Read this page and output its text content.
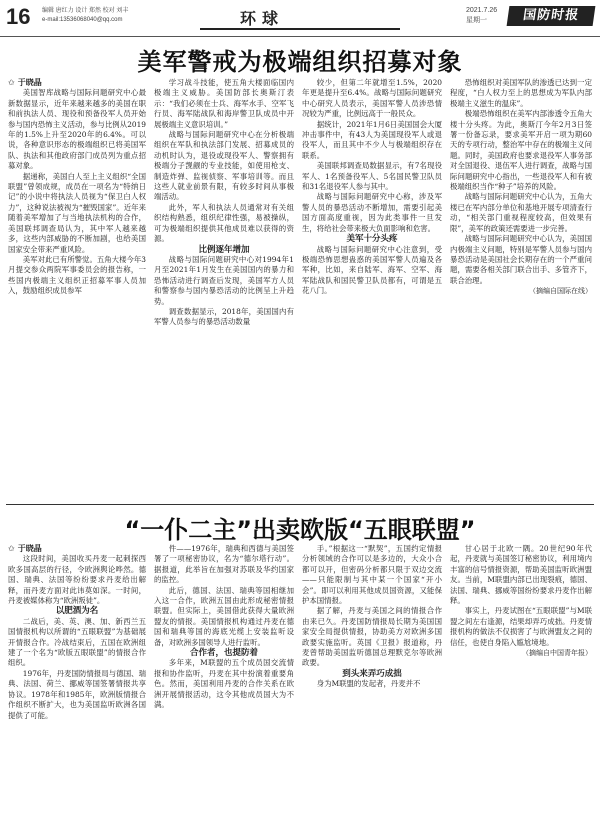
16 编辑 唐红力 设计 郑然 校对 刘丰
e-mail:13536068040@qq.com	环球	2021.7.26
星期一	国防时报
美军警戒为极端组织招募对象

✩ 于晓晶

美国智库战略与国际问题研究中心最新数据显示，近年来越来越多的美国在职和前执法人员、现役和预备役军人员开始参与国内恐怖主义活动，参与比例从2019年的1.5%上升至2020年的6.4%。可以说，各种意识形态的极端组织已将美国军队、执法和其他政府部门成员列为重点招募对象。

据递称，美国白人至上主义组织“全国联盟”曾领成规，成员在一项名为“特纳日记”的小说中将执法人员视为“保卫白人权力”，这种说法被视为“摧毁国家”。近年来随着美军增加了与当地执法机构的合作，美国联邦调查局认为，其中军人越来越多，这些内部威胁的不断加剧，也给美国国家安全带来严重风险。

美军对此已有所警觉。五角大楼今年3月提交参众两院军事委员会的报告称，一些国内极端主义组织正招募军事人员加入，鼓励组织成员参军

学习战斗技能，使五角大楼面临国内极端主义威胁。美国防部长奥斯汀表示：“我们必须在士兵、海军水手、空军飞行员、海军陆战队和海岸警卫队成员中开展极端主义意识培训。”

战略与国际问题研究中心在分析极端组织在军队和执法部门发展、招募成员的动机时认为，退役或现役军人、警察拥有极端分子觊觎的专业技能，如使用枪支、制造炸弹、监视侦察、军事培训等。而且这些人就业前景有限，有较多时间从事极端活动。

此外，军人和执法人员通常对有关组织结构熟悉，组织纪律性强，易被操纵，可为极端组织提供其他成员难以获得的资源。

比例逐年增加

战略与国际问题研究中心对1994年1月至2021年1月发生在美国国内的暴力和恐怖活动进行调查后发现，美国军方人员和警察参与国内暴恐活动的比例呈上升趋势。

调查数据显示，2018年，美国国内有军警人员参与的暴恐活动数量

较少，但第二年就增至1.5%，2020年更是提升至6.4%。战略与国际问题研究中心研究人员表示，美国军警人员涉恐情况较为严重，比例远高于一般民众。

据统计，2021年1月6日美国国会大厦冲击事件中，有43人为美国现役军人或退役军人，而且其中不少人与极端组织存在联系。

美国联邦调查局数据显示，有7名现役军人、1名预备役军人、5名国民警卫队员和31名退役军人参与其中。

战略与国际问题研究中心称，涉及军警人员的暴恐活动不断增加，需要引起美国方面高度重视，因为此类事件一旦发生，将给社会带来极大负面影响和危害。

美军十分头疼

战略与国际问题研究中心注意到，受极端恐怖思想蛊惑的美国军警人员遍及各军种，比如，来自陆军、海军、空军、海军陆战队和国民警卫队员都有，可谓是五花八门。

恐怖组织对美国军队的渗透已达到一定程度，“白人权力至上的思想成为军队内部极端主义滋生的温床”。

极端恐怖组织在美军内部渗透令五角大楼十分头疼。为此，奥斯汀今年2月3日签署一份备忘录，要求美军开启一项为期60天的专项行动，整治军中存在的极端主义问题。同时，美国政府也要求退役军人事务部对全国退役、退伍军人进行调查，战略与国际问题研究中心指出，一些退役军人和有被极端组织当作“种子”培养的风险。

战略与国际问题研究中心认为，五角大楼已在军内部分单位和基地开展专项清查行动，“相关部门重视程度较高，但效果有限”，美军的政策还需要进一步完善。

战略与国际问题研究中心认为，美国国内极端主义问题，特别是军警人员参与国内暴恐活动是美国社会长期存在的一个严重问题，需要各相关部门联合出手、多管齐下，联合治理。

（摘编自国际在线）

“一仆二主”出卖欧版“五眼联盟”

✩ 于晓晶

这段时间，美国收买丹麦一起刺探西欧多国高层的行径，令欧洲舆论哗然。德国、瑞典、法国等纷纷要求丹麦给出解释，而丹麦方面对此讳莫如深。一时间，丹麦被媒体称为“欧洲叛徒”。

以肥酒为名

二战后，美、英、澳、加、新西兰五国情报机构以所谓的“五眼联盟”为基础展开情报合作。冷战结束后，五国在欧洲组建了一个名为“欧版五眼联盟”的情报合作组织。

1976年，丹麦国防情报局与德国、瑞典、法国、荷兰、挪威等国签署情报共享协议。1978年和1985年，欧洲版情报合作组织不断扩大，也为美国监听欧洲各国提供了可能。

件——1976年，瑞典和西德与美国签署了一项秘密协议，名为“德尔塔行动”。据报道，此举旨在加强对苏联及华约国家的监控。

此后，德国、法国、瑞典等国相继加入这一合作，欧洲五国由此形成秘密情报联盟。但实际上，美国借此获得大量欧洲盟友的情报。美国情报机构通过丹麦在德国和瑞典等国的海底光缆上安装监听设备，对欧洲多国领导人进行监听。

合作者，也提防着

多年来，M联盟的五个成员国交流情报和协作监听，丹麦在其中扮演着重要角色。然而，美国利用丹麦的合作关系在欧洲开展情报活动，这令其他成员国大为不满。

手。”根据这一“默契”，五国约定情报分析领域的合作可以是多边的，大众小合都可以开，但密码分析都只限于双边交流——只能限制与其中某一个国家“开小会”。即可以利用其他成员国资源，又能保护本国情报。

据了解，丹麦与美国之间的情报合作由来已久。丹麦国防情报局长期为美国国家安全局提供情报，协助美方对欧洲多国政要实施监听。英国《卫报》报道称，丹麦曾帮助美国监听德国总理默克尔等欧洲政要。

到头来弄巧成拙

身为M联盟的发起者，丹麦并不

甘心居于北欧一隅。20世纪90年代起，丹麦就与美国签订秘密协议，利用境内丰富的信号情报资源，帮助美国监听欧洲盟友。当前，M联盟内部已出现裂痕，德国、法国、瑞典、挪威等国纷纷要求丹麦作出解释。

事实上，丹麦试图在“五眼联盟”与M联盟之间左右逢源，结果却弄巧成拙。丹麦情报机构的做法不仅损害了与欧洲盟友之间的信任，也使自身陷入尴尬境地。

（摘编自中国青年报）
